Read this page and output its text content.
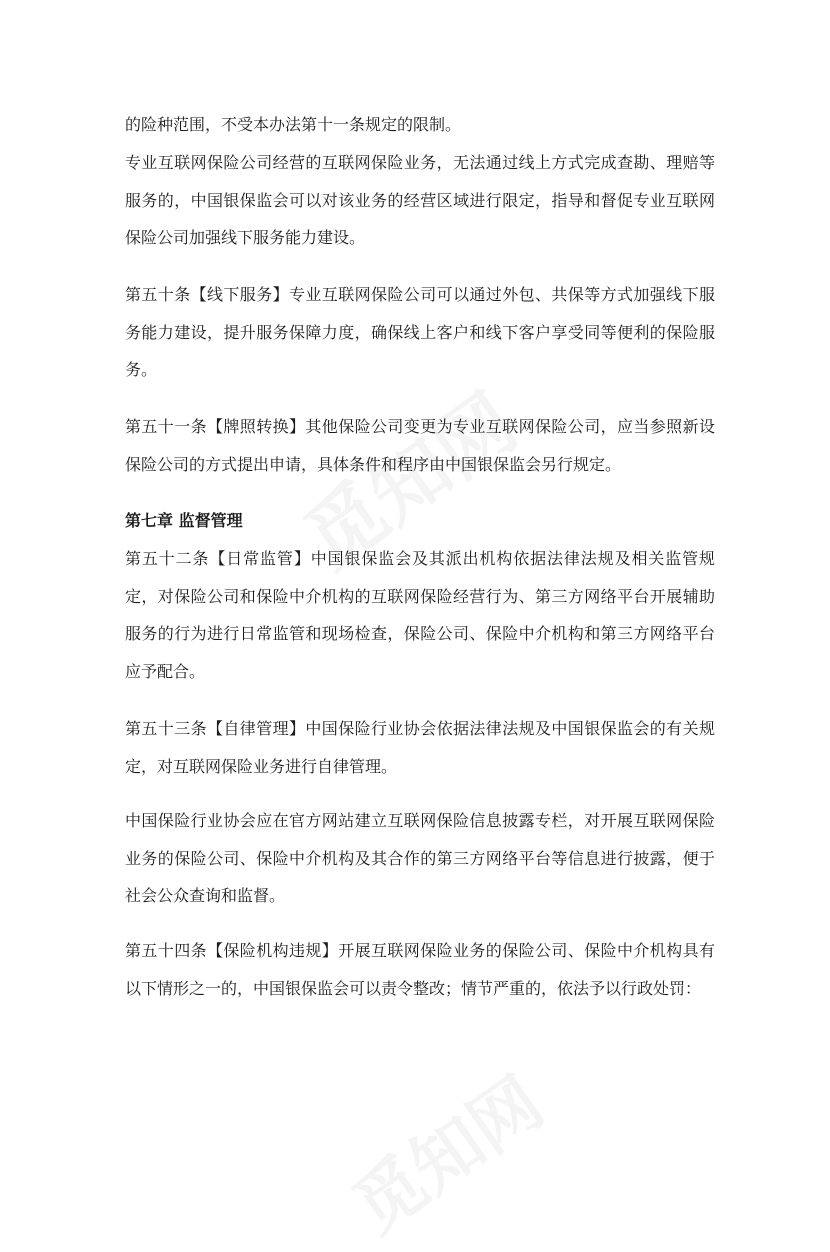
的险种范围，不受本办法第十一条规定的限制。

专业互联网保险公司经营的互联网保险业务，无法通过线上方式完成查勘、理赔等服务的，中国银保监会可以对该业务的经营区域进行限定，指导和督促专业互联网保险公司加强线下服务能力建设。

第五十条【线下服务】专业互联网保险公司可以通过外包、共保等方式加强线下服务能力建设，提升服务保障力度，确保线上客户和线下客户享受同等便利的保险服务。

第五十一条【牌照转换】其他保险公司变更为专业互联网保险公司，应当参照新设保险公司的方式提出申请，具体条件和程序由中国银保监会另行规定。

第七章 监督管理

第五十二条【日常监管】中国银保监会及其派出机构依据法律法规及相关监管规定，对保险公司和保险中介机构的互联网保险经营行为、第三方网络平台开展辅助服务的行为进行日常监管和现场检查，保险公司、保险中介机构和第三方网络平台应予配合。

第五十三条【自律管理】中国保险行业协会依据法律法规及中国银保监会的有关规定，对互联网保险业务进行自律管理。

中国保险行业协会应在官方网站建立互联网保险信息披露专栏，对开展互联网保险业务的保险公司、保险中介机构及其合作的第三方网络平台等信息进行披露，便于社会公众查询和监督。

第五十四条【保险机构违规】开展互联网保险业务的保险公司、保险中介机构具有以下情形之一的，中国银保监会可以责令整改；情节严重的，依法予以行政处罚：
